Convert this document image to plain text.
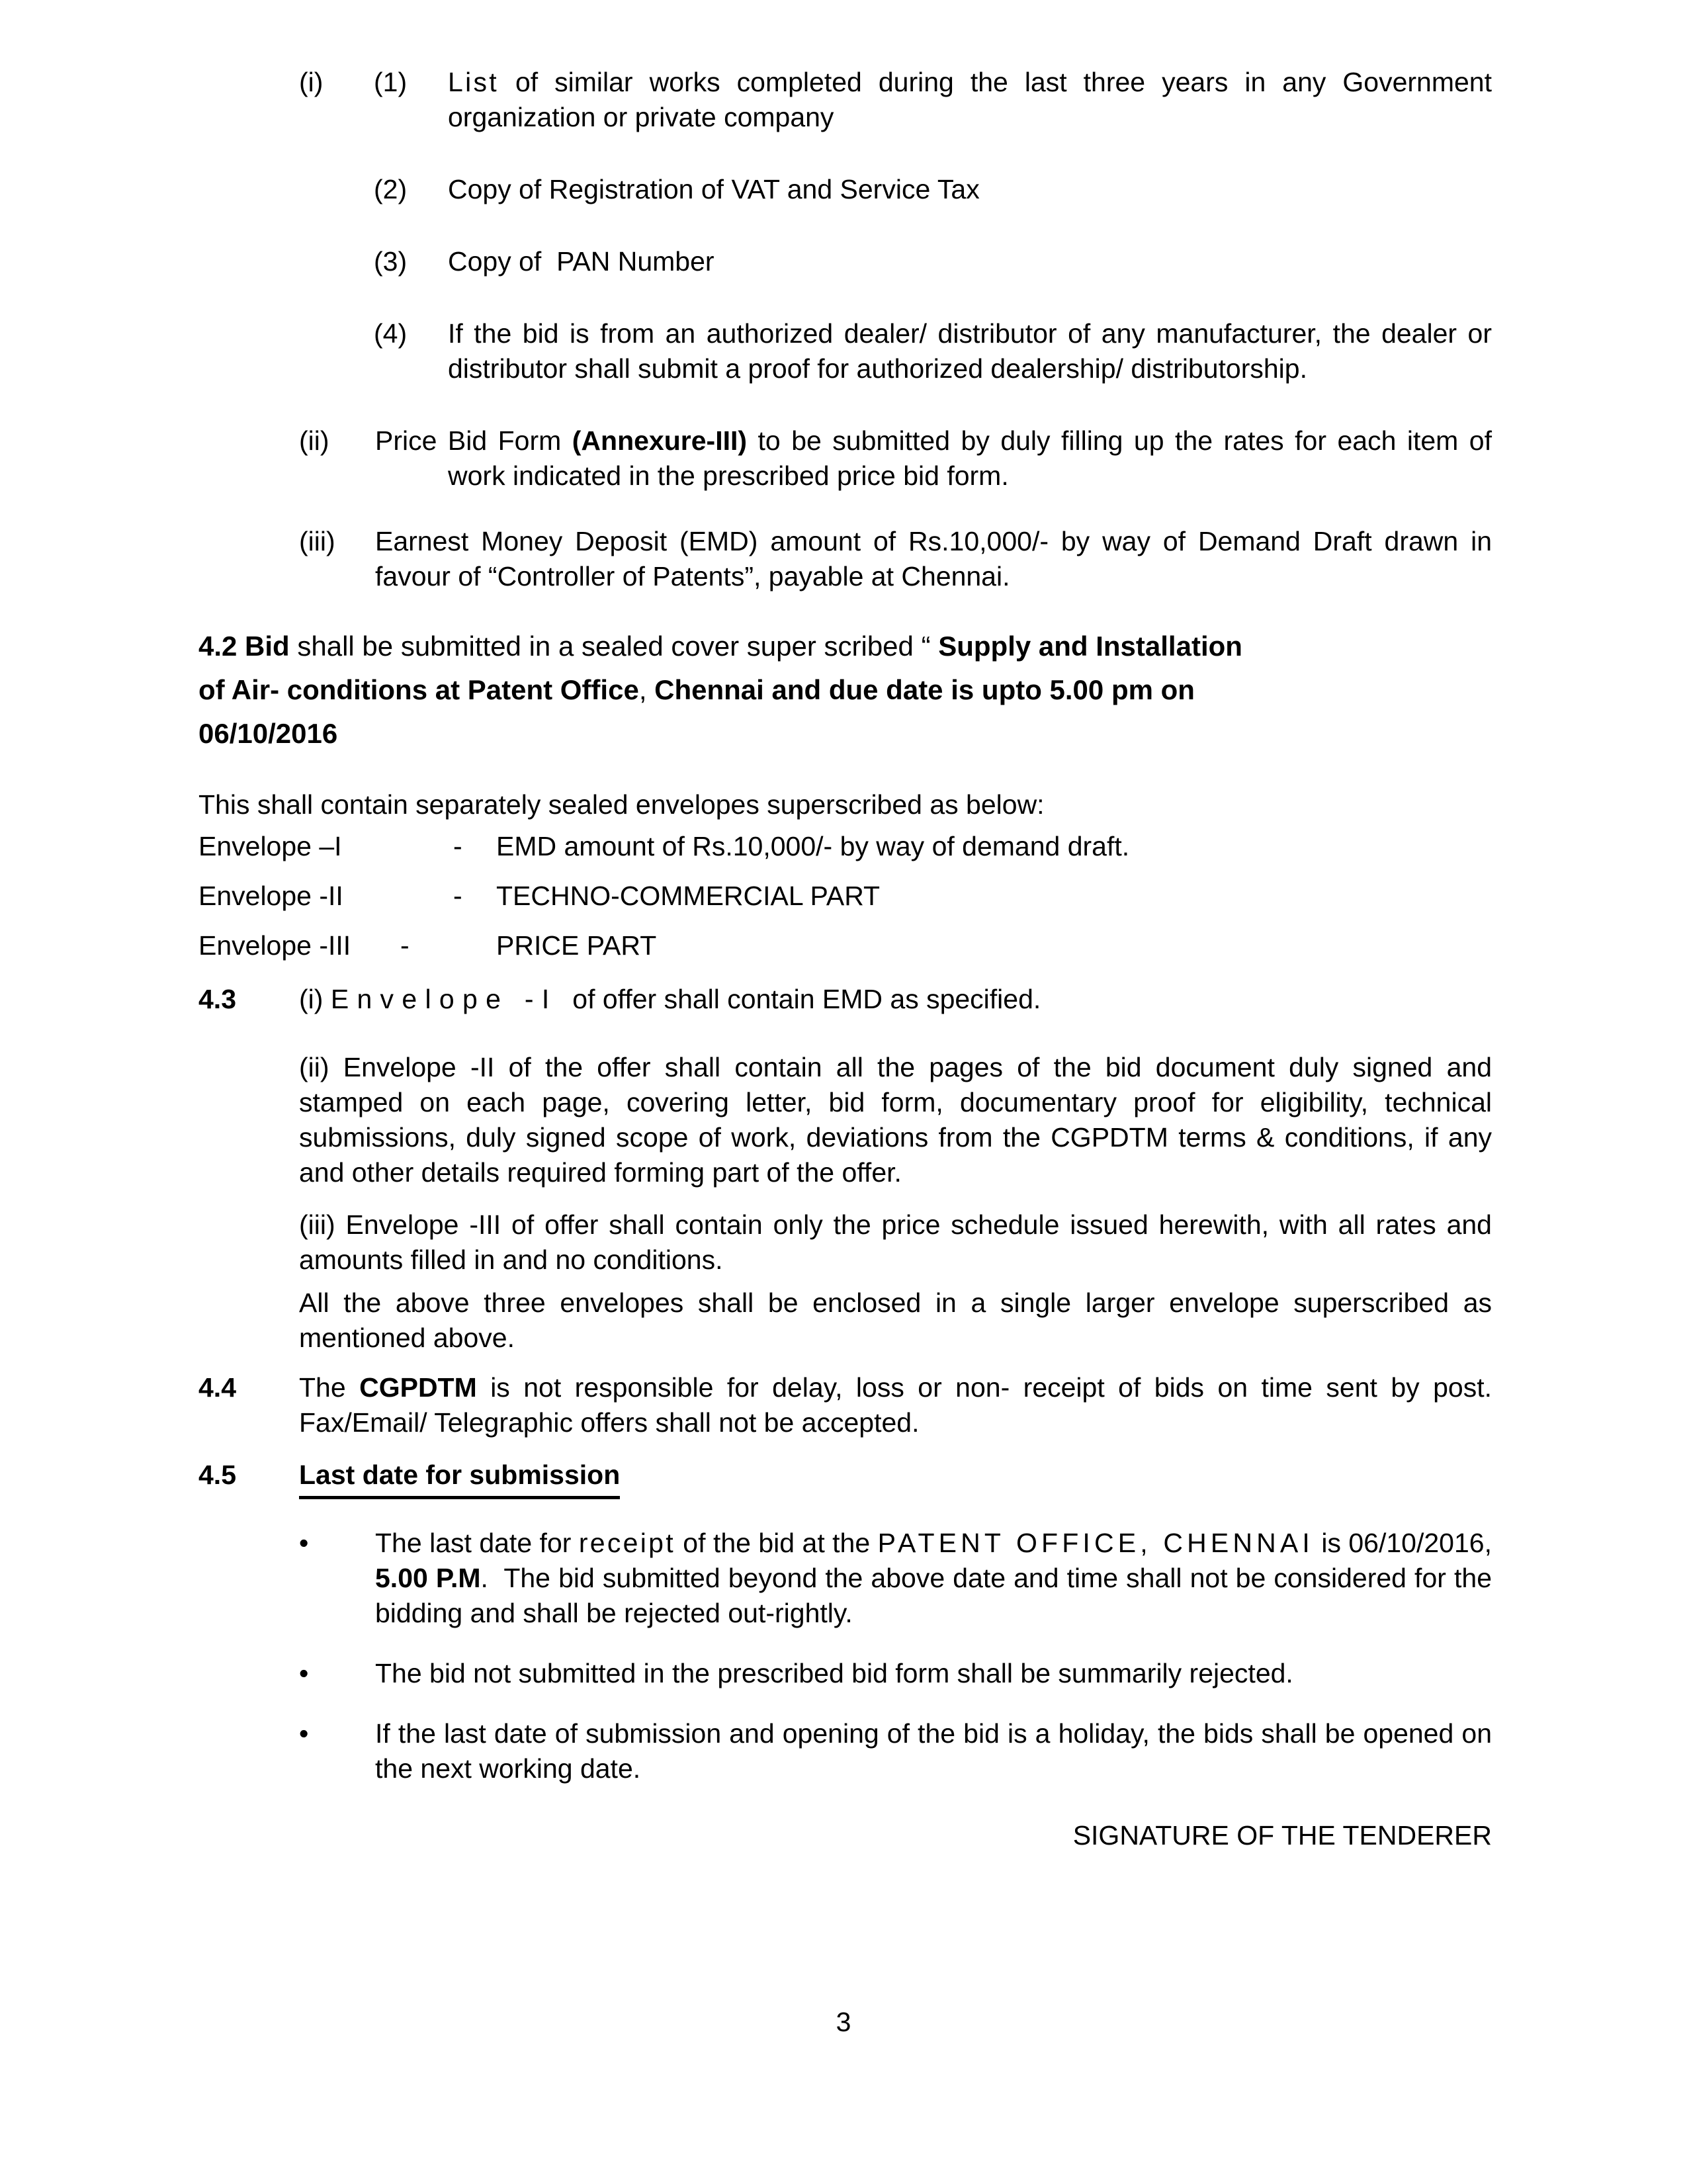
(i)	(1)	List of similar works completed during the last three years in any Government organization or private company
(2)	Copy of Registration of VAT and Service Tax
(3)	Copy of  PAN Number
(4)	If the bid is from an authorized dealer/ distributor of any manufacturer, the dealer or distributor shall submit a proof for authorized dealership/ distributorship.
(ii)	Price Bid Form (Annexure-III) to be submitted by duly filling up the rates for each item of work indicated in the prescribed price bid form.
(iii)	Earnest Money Deposit (EMD) amount of Rs.10,000/- by way of Demand Draft drawn in favour of “Controller of Patents”, payable at Chennai.
4.2 Bid shall be submitted in a sealed cover super scribed “ Supply and Installation
of Air- conditions at Patent Office, Chennai and due date is upto 5.00 pm on
06/10/2016

This shall contain separately sealed envelopes superscribed as below:

Envelope –I	-	EMD amount of Rs.10,000/- by way of demand draft.
Envelope -II	-	TECHNO-COMMERCIAL PART
Envelope -III	-	PRICE PART
4.3	(i) Envelope -I  of offer shall contain EMD as specified.
(ii) Envelope -II of the offer shall contain all the pages of the bid document duly signed and stamped on each page, covering letter, bid form, documentary proof for eligibility, technical submissions, duly signed scope of work, deviations from the CGPDTM terms & conditions, if any and other details required forming part of the offer.
(iii) Envelope -III of offer shall contain only the price schedule issued herewith, with all rates and amounts filled in and no conditions.
All the above three envelopes shall be enclosed in a single larger envelope superscribed as mentioned above.
4.4	The CGPDTM is not responsible for delay, loss or non- receipt of bids on time sent by post. Fax/Email/ Telegraphic offers shall not be accepted.
4.5	Last date for submission
•	The last date for receipt of the bid at the PATENT OFFICE, CHENNAI is 06/10/2016, 5.00 P.M.  The bid submitted beyond the above date and time shall not be considered for the bidding and shall be rejected out-rightly.
•	The bid not submitted in the prescribed bid form shall be summarily rejected.
•	If the last date of submission and opening of the bid is a holiday, the bids shall be opened on the next working date.
SIGNATURE OF THE TENDERER
3
